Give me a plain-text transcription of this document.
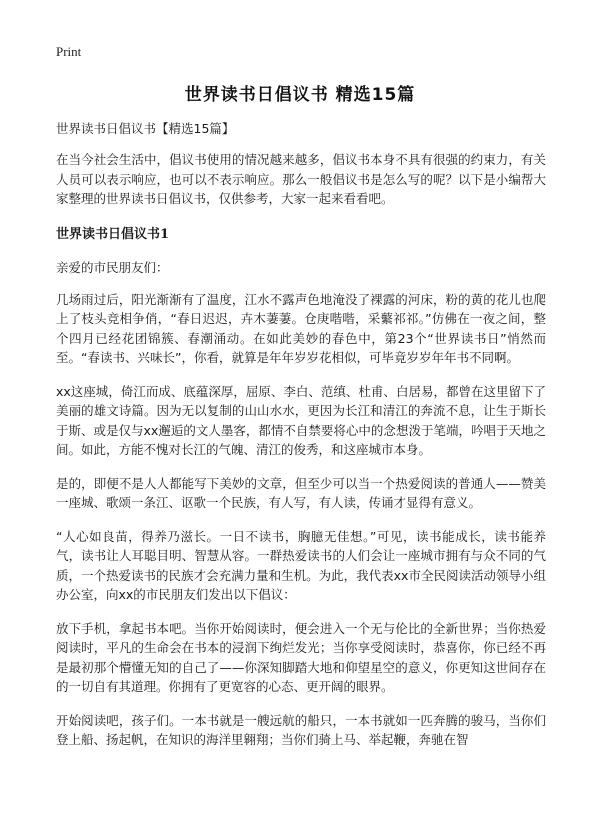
Print
世界读书日倡议书 精选15篇
世界读书日倡议书【精选15篇】

在当今社会生活中，倡议书使用的情况越来越多，倡议书本身不具有很强的约束力，有关人员可以表示响应，也可以不表示响应。那么一般倡议书是怎么写的呢？以下是小编帮大家整理的世界读书日倡议书，仅供参考，大家一起来看看吧。

世界读书日倡议书1
亲爱的市民朋友们：

几场雨过后，阳光渐渐有了温度，江水不露声色地淹没了裸露的河床，粉的黄的花儿也爬上了枝头竞相争俏，“春日迟迟，卉木萋萋。仓庚喈喈，采蘩祁祁。”仿佛在一夜之间，整个四月已经花团锦簇、春潮涌动。在如此美妙的春色中，第23个“世界读书日”悄然而至。“春读书、兴味长”，你看，就算是年年岁岁花相似，可毕竟岁岁年年书不同啊。

xx这座城，倚江而成、底蕴深厚，屈原、李白、范缜、杜甫、白居易，都曾在这里留下了美丽的雄文诗篇。因为无以复制的山山水水，更因为长江和清江的奔流不息，让生于斯长于斯、或是仅与xx邂逅的文人墨客，都情不自禁要将心中的念想泼于笔端，吟唱于天地之间。如此，方能不愧对长江的气魄、清江的俊秀，和这座城市本身。

是的，即便不是人人都能写下美妙的文章，但至少可以当一个热爱阅读的普通人——赞美一座城、歌颂一条江、讴歌一个民族，有人写，有人读，传诵才显得有意义。

“人心如良苗，得养乃滋长。一日不读书，胸臆无佳想。”可见，读书能成长，读书能养气，读书让人耳聪目明、智慧从容。一群热爱读书的人们会让一座城市拥有与众不同的气质，一个热爱读书的民族才会充满力量和生机。为此，我代表xx市全民阅读活动领导小组办公室，向xx的市民朋友们发出以下倡议：

放下手机，拿起书本吧。当你开始阅读时，便会进入一个无与伦比的全新世界；当你热爱阅读时，平凡的生命会在书本的浸润下绚烂发光；当你享受阅读时，恭喜你，你已经不再是最初那个懵懂无知的自己了——你深知脚踏大地和仰望星空的意义，你更知这世间存在的一切自有其道理。你拥有了更宽容的心态、更开阔的眼界。

开始阅读吧，孩子们。一本书就是一艘远航的船只，一本书就如一匹奔腾的骏马，当你们登上船、扬起帆，在知识的海洋里翱翔；当你们骑上马、举起鞭，奔驰在智
